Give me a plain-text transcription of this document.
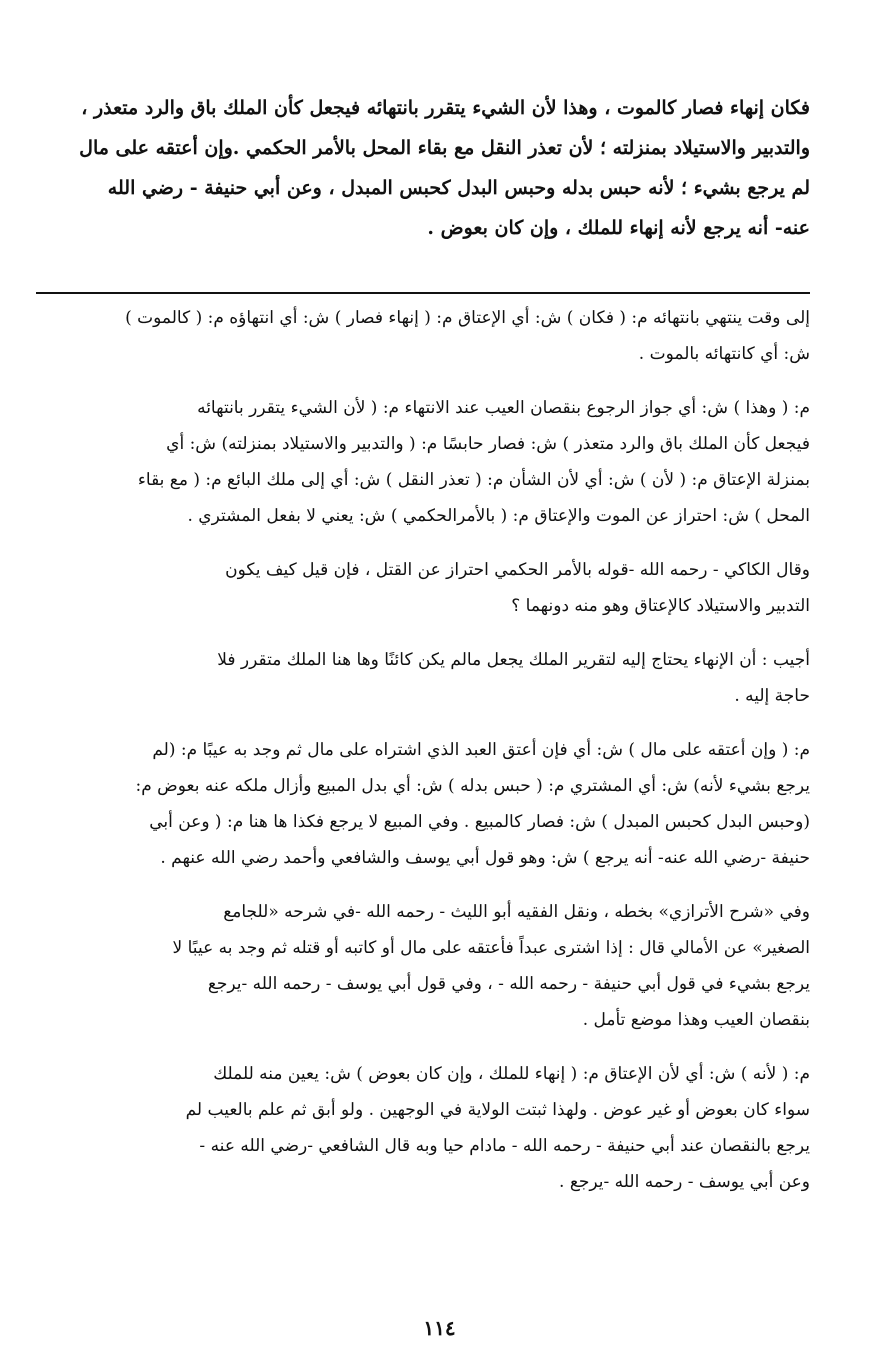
فكان إنهاء فصار كالموت ، وهذا لأن الشيء يتقرر بانتهائه فيجعل كأن الملك باق والرد متعذر ،
والتدبير والاستيلاد بمنزلته ؛ لأن تعذر النقل مع بقاء المحل بالأمر الحكمي .وإن أعتقه على مال
لم يرجع بشيء ؛ لأنه حبس بدله وحبس البدل كحبس المبدل ، وعن أبي حنيفة - رضي الله
عنه- أنه يرجع لأنه إنهاء للملك ، وإن كان بعوض .

إلى وقت ينتهي بانتهائه م: ( فكان ) ش: أي الإعتاق م: ( إنهاء فصار ) ش: أي انتهاؤه م: ( كالموت )
ش: أي كانتهائه بالموت .

م: ( وهذا ) ش: أي جواز الرجوع بنقصان العيب عند الانتهاء م: ( لأن الشيء يتقرر بانتهائه
فيجعل كأن الملك باق والرد متعذر ) ش: فصار حابسًا م: ( والتدبير والاستيلاد بمنزلته) ش: أي
بمنزلة الإعتاق م: ( لأن ) ش: أي لأن الشأن م: ( تعذر النقل ) ش: أي إلى ملك البائع م: ( مع بقاء
المحل ) ش: احتراز عن الموت والإعتاق م: ( بالأمرالحكمي ) ش: يعني لا بفعل المشتري .

وقال الكاكي - رحمه الله -قوله بالأمر الحكمي احتراز عن القتل ، فإن قيل كيف يكون
التدبير والاستيلاد كالإعتاق وهو منه دونهما ؟

أجيب : أن الإنهاء يحتاج إليه لتقرير الملك يجعل مالم يكن كائنًا وها هنا الملك متقرر فلا
حاجة إليه .

م: ( وإن أعتقه على مال ) ش: أي فإن أعتق العبد الذي اشتراه على مال ثم وجد به عيبًا م: (لم
يرجع بشيء لأنه) ش: أي المشتري م: ( حبس بدله ) ش: أي بدل المبيع وأزال ملكه عنه بعوض م:
(وحبس البدل كحبس المبدل ) ش: فصار كالمبيع . وفي المبيع لا يرجع فكذا ها هنا م: ( وعن أبي
حنيفة -رضي الله عنه- أنه يرجع ) ش: وهو قول أبي يوسف والشافعي وأحمد رضي الله عنهم .

وفي «شرح الأترازي» بخطه ، ونقل الفقيه أبو الليث - رحمه الله -في شرحه «للجامع
الصغير» عن الأمالي قال : إذا اشترى عبداً فأعتقه على مال أو كاتبه أو قتله ثم وجد به عيبًا لا
يرجع بشيء في قول أبي حنيفة - رحمه الله - ، وفي قول أبي يوسف - رحمه الله -يرجع
بنقصان العيب وهذا موضع تأمل .

م: ( لأنه ) ش: أي لأن الإعتاق م: ( إنهاء للملك ، وإن كان بعوض ) ش: يعين منه للملك
سواء كان بعوض أو غير عوض . ولهذا ثبتت الولاية في الوجهين . ولو أبق ثم علم بالعيب لم
يرجع بالنقصان عند أبي حنيفة - رحمه الله - مادام حيا وبه قال الشافعي -رضي الله عنه -
وعن أبي يوسف - رحمه الله -يرجع .

١١٤
